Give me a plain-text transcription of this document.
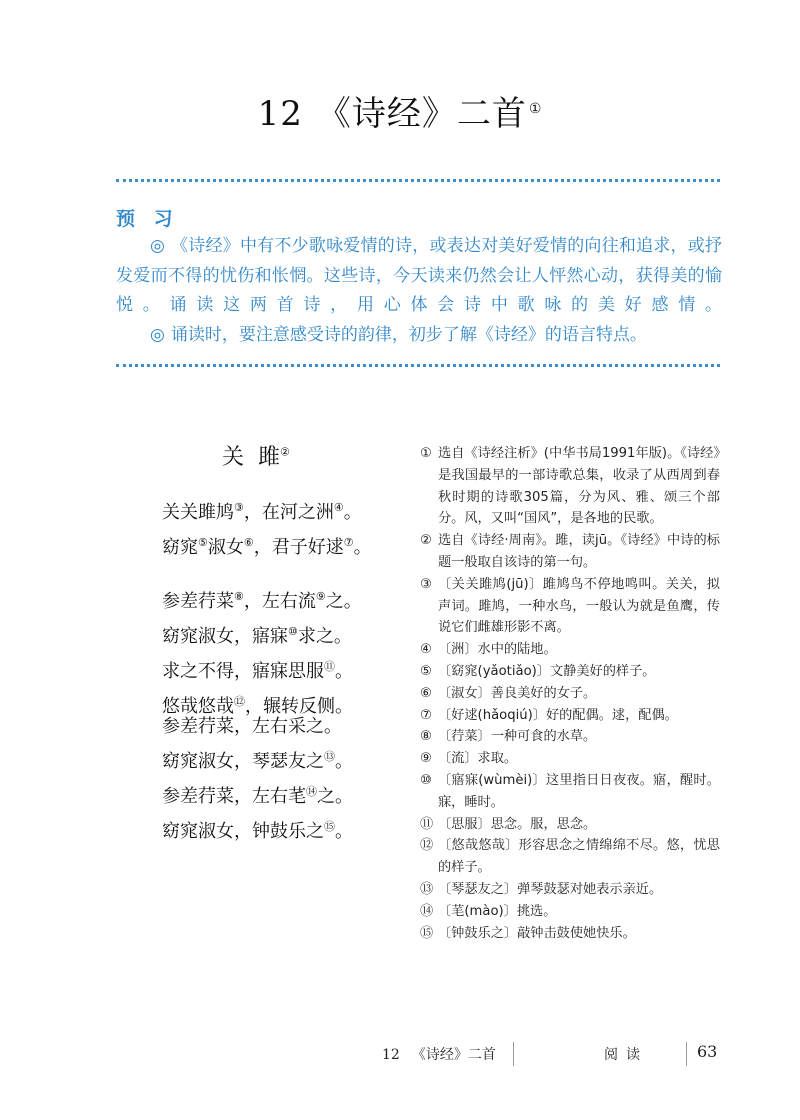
12 《诗经》二首 ①
预 习

◎ 《诗经》中有不少歌咏爱情的诗，或表达对美好爱情的向往和追求，或抒发爱而不得的忧伤和怅惘。这些诗，今天读来仍然会让人怦然心动，获得美的愉悦。诵读这两首诗，用心体会诗中歌咏的美好感情。

◎ 诵读时，要注意感受诗的韵律，初步了解《诗经》的语言特点。

关 雎②
关关雎鸠③，在河之洲④。
窈窕⑤淑女⑥，君子好逑⑦。
参差荇菜⑧，左右流⑨之。
窈窕淑女，寤寐⑩求之。
求之不得，寤寐思服⑪。
悠哉悠哉⑫，辗转反侧。
参差荇菜，左右采之。
窈窕淑女，琴瑟友之⑬。
参差荇菜，左右芼⑭之。
窈窕淑女，钟鼓乐之⑮。
① 选自《诗经注析》(中华书局1991年版)。《诗经》是我国最早的一部诗歌总集，收录了从西周到春秋时期的诗歌305篇，分为风、雅、颂三个部分。风，又叫“国风”，是各地的民歌。
② 选自《诗经·周南》。雎，读jū。《诗经》中诗的标题一般取自该诗的第一句。
③ 〔关关雎鸠(jū)〕雎鸠鸟不停地鸣叫。关关，拟声词。雎鸠，一种水鸟，一般认为就是鱼鹰，传说它们雌雄形影不离。
④ 〔洲〕水中的陆地。
⑤ 〔窈窕(yǎotiǎo)〕文静美好的样子。
⑥ 〔淑女〕善良美好的女子。
⑦ 〔好逑(hǎoqiú)〕好的配偶。逑，配偶。
⑧ 〔荇菜〕一种可食的水草。
⑨ 〔流〕求取。
⑩ 〔寤寐(wùmèi)〕这里指日日夜夜。寤，醒时。寐，睡时。
⑪ 〔思服〕思念。服，思念。
⑫ 〔悠哉悠哉〕形容思念之情绵绵不尽。悠，忧思的样子。
⑬ 〔琴瑟友之〕弹琴鼓瑟对她表示亲近。
⑭ 〔芼(mào)〕挑选。
⑮ 〔钟鼓乐之〕敲钟击鼓使她快乐。
12 《诗经》二首	阅读	63
